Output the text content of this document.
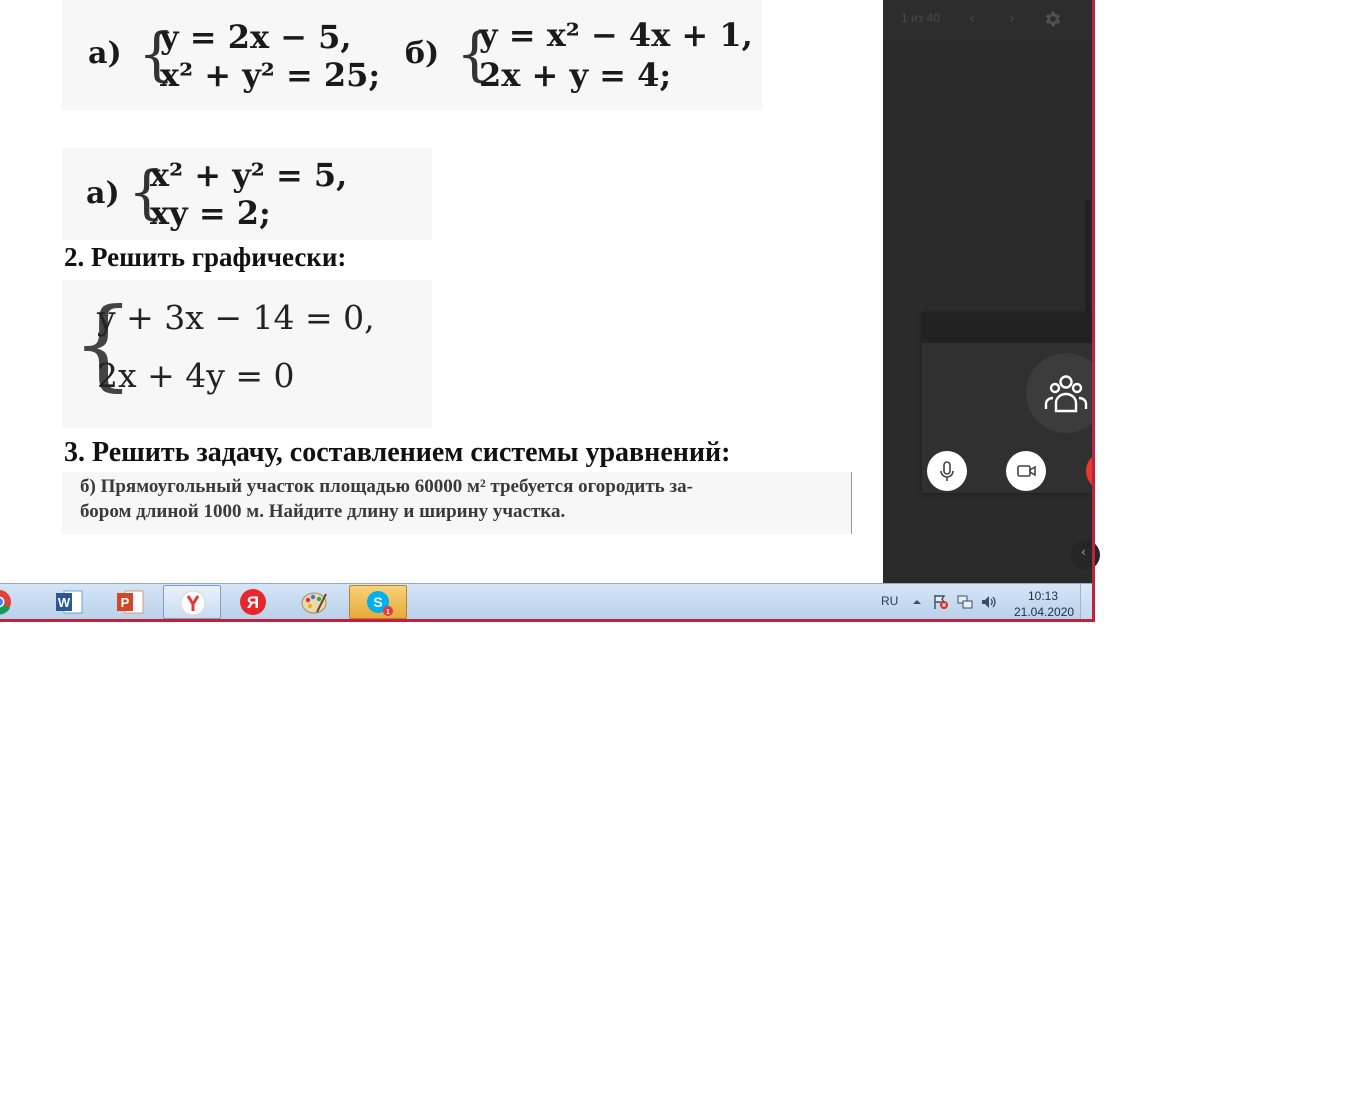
а) {
y = 2x − 5,
x² + y² = 25;
б) {
y = x² − 4x + 1,
2x + y = 4;
а) {
x² + y² = 5,
xy = 2;
2. Решить графически:
{
y + 3x − 14 = 0,
2x + 4y = 0
3. Решить задачу, составлением системы уравнений:
б) Прямоугольный участок площадью 60000 м² требуется огородить за-
бором длиной 1000 м. Найдите длину и ширину участка.
1 из 40	‹	›
‹
W	P	Я	S
1
RU	10:13
21.04.2020
